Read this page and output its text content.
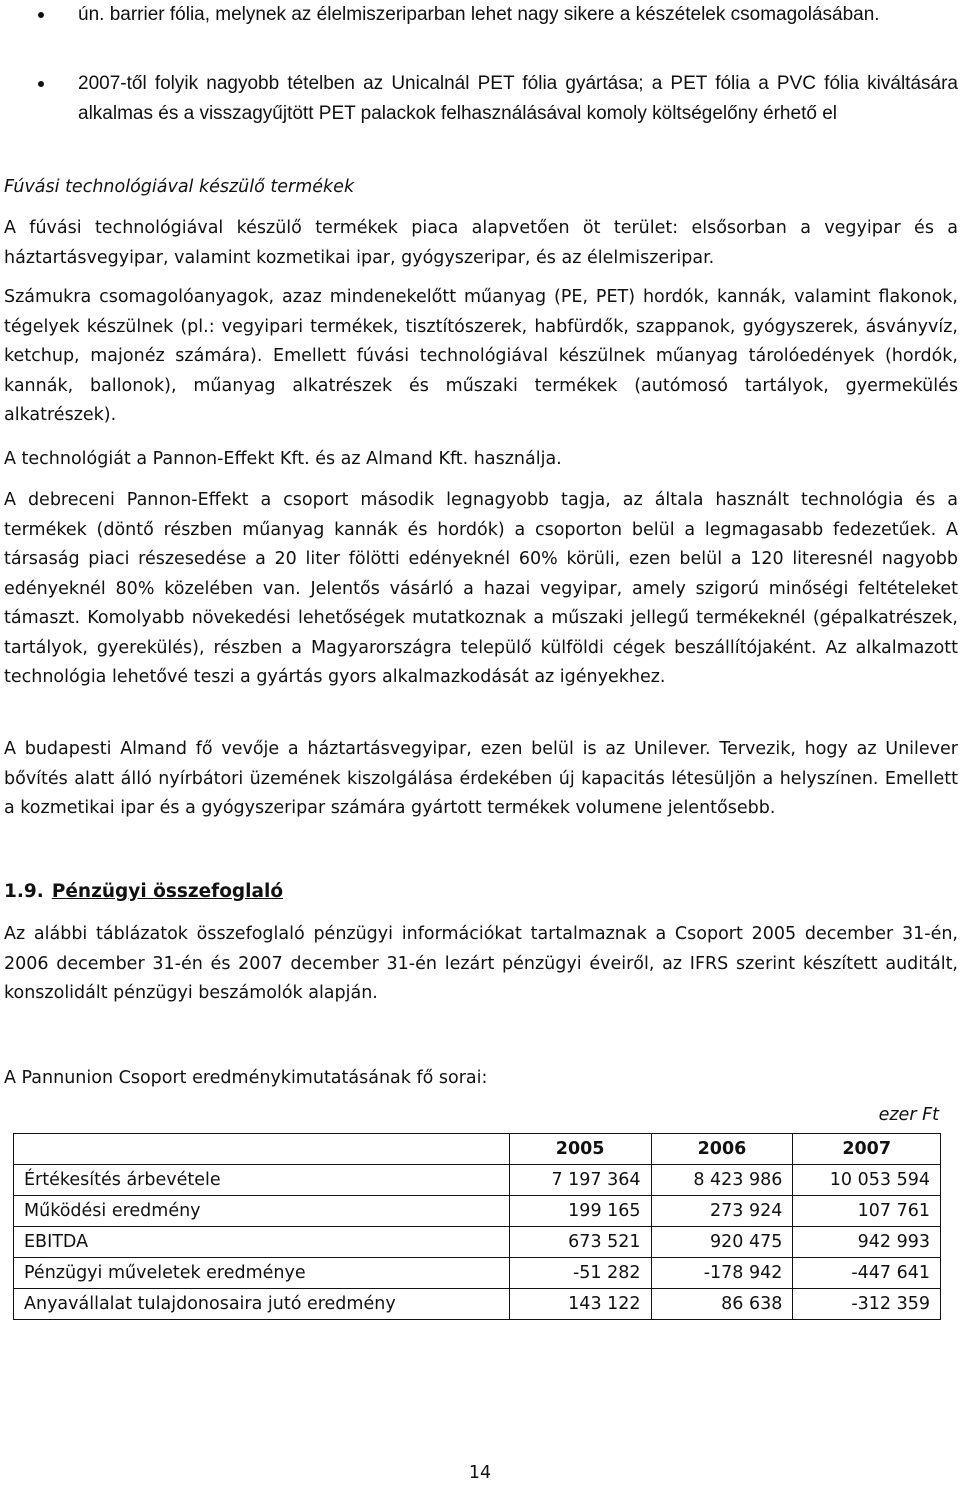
ún. barrier fólia, melynek az élelmiszeriparban lehet nagy sikere a készételek csomagolásában.
2007-től folyik nagyobb tételben az Unicalnál PET fólia gyártása; a PET fólia a PVC fólia kiváltására alkalmas és a visszagyűjtött PET palackok felhasználásával komoly költségelőny érhető el

Fúvási technológiával készülő termékek

A fúvási technológiával készülő termékek piaca alapvetően öt terület: elsősorban a vegyipar és a háztartásvegyipar, valamint kozmetikai ipar, gyógyszeripar, és az élelmiszeripar.

Számukra csomagolóanyagok, azaz mindenekelőtt műanyag (PE, PET) hordók, kannák, valamint flakonok, tégelyek készülnek (pl.: vegyipari termékek, tisztítószerek, habfürdők, szappanok, gyógyszerek, ásványvíz, ketchup, majonéz számára). Emellett fúvási technológiával készülnek műanyag tárolóedények (hordók, kannák, ballonok), műanyag alkatrészek és műszaki termékek (autómosó tartályok, gyermekülés alkatrészek).

A technológiát a Pannon-Effekt Kft. és az Almand Kft. használja.

A debreceni Pannon-Effekt a csoport második legnagyobb tagja, az általa használt technológia és a termékek (döntő részben műanyag kannák és hordók) a csoporton belül a legmagasabb fedezetűek. A társaság piaci részesedése a 20 liter fölötti edényeknél 60% körüli, ezen belül a 120 literesnél nagyobb edényeknél 80% közelében van. Jelentős vásárló a hazai vegyipar, amely szigorú minőségi feltételeket támaszt. Komolyabb növekedési lehetőségek mutatkoznak a műszaki jellegű termékeknél (gépalkatrészek, tartályok, gyerekülés), részben a Magyarországra települő külföldi cégek beszállítójaként. Az alkalmazott technológia lehetővé teszi a gyártás gyors alkalmazkodását az igényekhez.

A budapesti Almand fő vevője a háztartásvegyipar, ezen belül is az Unilever. Tervezik, hogy az Unilever bővítés alatt álló nyírbátori üzemének kiszolgálása érdekében új kapacitás létesüljön a helyszínen. Emellett a kozmetikai ipar és a gyógyszeripar számára gyártott termékek volumene jelentősebb.

1.9. Pénzügyi összefoglaló

Az alábbi táblázatok összefoglaló pénzügyi információkat tartalmaznak a Csoport 2005 december 31-én, 2006 december 31-én és 2007 december 31-én lezárt pénzügyi éveiről, az IFRS szerint készített auditált, konszolidált pénzügyi beszámolók alapján.

A Pannunion Csoport eredménykimutatásának fő sorai:

ezer Ft
	2005	2006	2007
Értékesítés árbevétele	7 197 364	8 423 986	10 053 594
Működési eredmény	199 165	273 924	107 761
EBITDA	673 521	920 475	942 993
Pénzügyi műveletek eredménye	-51 282	-178 942	-447 641
Anyavállalat tulajdonosaira jutó eredmény	143 122	86 638	-312 359
14
